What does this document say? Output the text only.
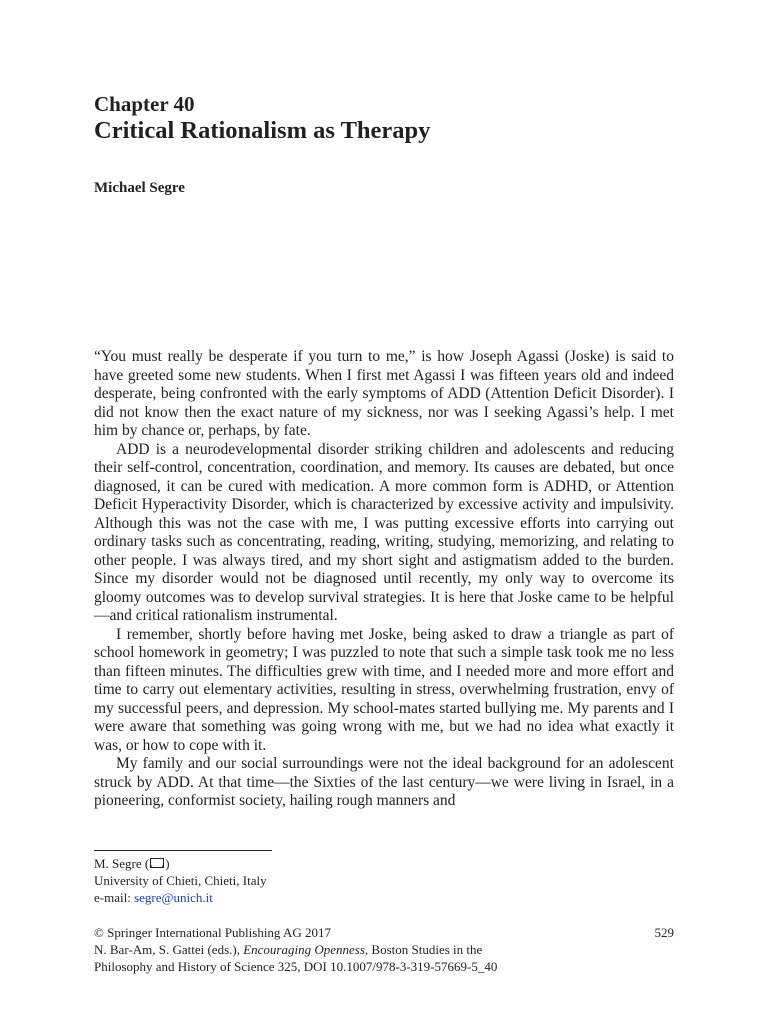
Chapter 40
Critical Rationalism as Therapy
Michael Segre

“You must really be desperate if you turn to me,” is how Joseph Agassi (Joske) is said to have greeted some new students. When I first met Agassi I was fifteen years old and indeed desperate, being confronted with the early symptoms of ADD (Attention Deficit Disorder). I did not know then the exact nature of my sickness, nor was I seeking Agassi’s help. I met him by chance or, perhaps, by fate.

ADD is a neurodevelopmental disorder striking children and adolescents and reducing their self-control, concentration, coordination, and memory. Its causes are debated, but once diagnosed, it can be cured with medication. A more common form is ADHD, or Attention Deficit Hyperactivity Disorder, which is characterized by excessive activity and impulsivity. Although this was not the case with me, I was putting excessive efforts into carrying out ordinary tasks such as concentrating, reading, writing, studying, memorizing, and relating to other people. I was always tired, and my short sight and astigmatism added to the burden. Since my disorder would not be diagnosed until recently, my only way to overcome its gloomy outcomes was to develop survival strategies. It is here that Joske came to be helpful—and critical rationalism instrumental.

I remember, shortly before having met Joske, being asked to draw a triangle as part of school homework in geometry; I was puzzled to note that such a simple task took me no less than fifteen minutes. The difficulties grew with time, and I needed more and more effort and time to carry out elementary activities, resulting in stress, overwhelming frustration, envy of my successful peers, and depression. My school-mates started bullying me. My parents and I were aware that something was going wrong with me, but we had no idea what exactly it was, or how to cope with it.

My family and our social surroundings were not the ideal background for an adolescent struck by ADD. At that time—the Sixties of the last century—we were living in Israel, in a pioneering, conformist society, hailing rough manners and

M. Segre ( )
University of Chieti, Chieti, Italy
e-mail: segre@unich.it
© Springer International Publishing AG 2017
N. Bar-Am, S. Gattei (eds.), Encouraging Openness, Boston Studies in the
Philosophy and History of Science 325, DOI 10.1007/978-3-319-57669-5_40
529
